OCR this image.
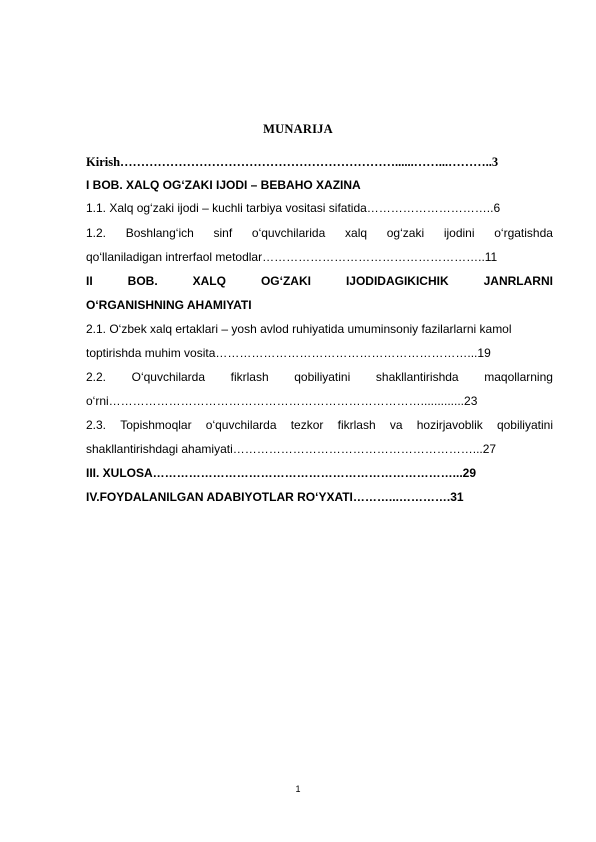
MUNARIJA
Kirish…………………………………………………………......……...………..3
I BOB. XALQ OG‘ZAKI IJODI – BEBAHO XAZINA
1.1. Xalq og‘zaki ijodi – kuchli tarbiya vositasi sifatida…………………………..6
1.2. Boshlang‘ich sinf o‘quvchilarida xalq og‘zaki ijodini o‘rgatishda
qo‘llaniladigan intrerfaol metodlar………………………………………………..11
II	BOB.	XALQ	OG‘ZAKI	IJODIDAGIKICHIK	JANRLARNI
O‘RGANISHNING AHAMIYATI
2.1. O‘zbek xalq ertaklari – yosh avlod ruhiyatida umuminsoniy fazilarlarni kamol
toptirishda muhim vosita………………………………………………………...19
2.2. O‘quvchilarda fikrlash qobiliyatini shakllantirishda maqollarning
o‘rni…………………………………………………………………….............23
2.3. Topishmoqlar o‘quvchilarda tezkor fikrlash va hozirjavoblik qobiliyatini
shakllantirishdagi ahamiyati……………………………………………………...27
III. XULOSA…………………………………………………………………...29
IV.FOYDALANILGAN ADABIYOTLAR RO‘YXATI………...………….31
1
